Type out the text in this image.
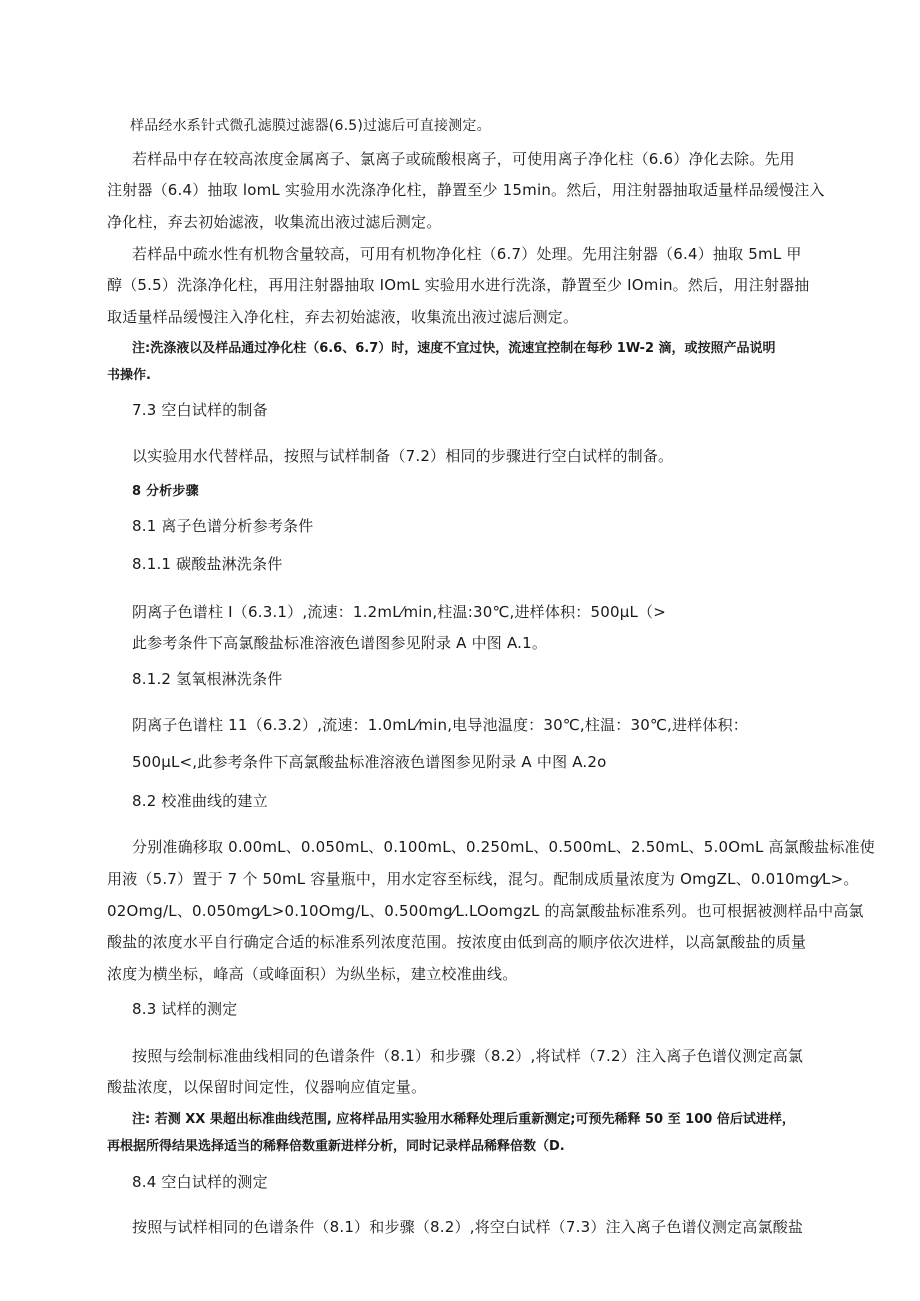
样品经水系针式微孔滤膜过滤器(6.5)过滤后可直接测定。
若样品中存在较高浓度金属离子、氯离子或硫酸根离子，可使用离子净化柱（6.6）净化去除。先用
注射器（6.4）抽取 lomL 实验用水洗涤净化柱，静置至少 15min。然后，用注射器抽取适量样品缓慢注入
净化柱，弃去初始滤液，收集流出液过滤后测定。
若样品中疏水性有机物含量较高，可用有机物净化柱（6.7）处理。先用注射器（6.4）抽取 5mL 甲
醇（5.5）洗涤净化柱，再用注射器抽取 IOmL 实验用水进行洗涤，静置至少 IOmin。然后，用注射器抽
取适量样品缓慢注入净化柱，弃去初始滤液，收集流出液过滤后测定。
注:洗涤液以及样品通过净化柱（6.6、6.7）时，速度不宜过快，流速宜控制在每秒 1W-2 滴，或按照产品说明
书操作.
7.3 空白试样的制备
以实验用水代替样品，按照与试样制备（7.2）相同的步骤进行空白试样的制备。
8 分析步骤
8.1 离子色谱分析参考条件
8.1.1 碳酸盐淋洗条件
阴离子色谱柱 I（6.3.1）,流速：1.2mL⁄min,柱温:30℃,进样体积：500μL（>
此参考条件下高氯酸盐标准溶液色谱图参见附录 A 中图 A.1。
8.1.2 氢氧根淋洗条件
阴离子色谱柱 11（6.3.2）,流速：1.0mL⁄min,电导池温度：30℃,柱温：30℃,进样体积：
500μL<,此参考条件下高氯酸盐标准溶液色谱图参见附录 A 中图 A.2o
8.2 校准曲线的建立
分别准确移取 0.00mL、0.050mL、0.100mL、0.250mL、0.500mL、2.50mL、5.0OmL 高氯酸盐标准使
用液（5.7）置于 7 个 50mL 容量瓶中，用水定容至标线，混匀。配制成质量浓度为 OmgZL、0.010mg⁄L>。
02Omg/L、0.050mg⁄L>0.10Omg/L、0.500mg⁄L.LOomgzL 的高氯酸盐标准系列。也可根据被测样品中高氯
酸盐的浓度水平自行确定合适的标准系列浓度范围。按浓度由低到高的顺序依次进样，以高氯酸盐的质量
浓度为横坐标，峰高（或峰面积）为纵坐标，建立校准曲线。
8.3 试样的测定
按照与绘制标准曲线相同的色谱条件（8.1）和步骤（8.2）,将试样（7.2）注入离子色谱仪测定高氯
酸盐浓度，以保留时间定性，仪器响应值定量。
注: 若测 XX 果超出标准曲线范围, 应将样品用实验用水稀释处理后重新测定;可预先稀释 50 至 100 倍后试进样，
再根据所得结果选择适当的稀释倍数重新进样分析，同时记录样品稀释倍数（D.
8.4 空白试样的测定
按照与试样相同的色谱条件（8.1）和步骤（8.2）,将空白试样（7.3）注入离子色谱仪测定高氯酸盐
